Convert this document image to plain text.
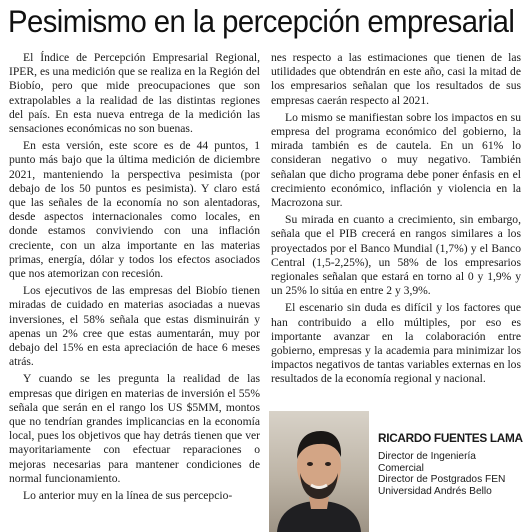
Pesimismo en la percepción empresarial

El Índice de Percepción Empresarial Regional, IPER, es una medición que se realiza en la Región del Biobío, pero que mide preocupaciones que son extrapolables a la realidad de las distintas regiones del país. En esta nueva entrega de la medición las sensaciones económicas no son buenas.

En esta versión, este score es de 44 puntos, 1 punto más bajo que la última medición de diciembre 2021, manteniendo la perspectiva pesimista (por debajo de los 50 puntos es pesimista). Y claro está que las señales de la economía no son alentadoras, desde aspectos internacionales como locales, en donde estamos conviviendo con una inflación creciente, con un alza importante en las materias primas, energía, dólar y todos los efectos asociados que nos atemorizan con recesión.

Los ejecutivos de las empresas del Biobío tienen miradas de cuidado en materias asociadas a nuevas inversiones, el 58% señala que estas disminuirán y apenas un 2% cree que estas aumentarán, muy por debajo del 15% en esta apreciación de hace 6 meses atrás.

Y cuando se les pregunta la realidad de las empresas que dirigen en materias de inversión el 55% señala que serán en el rango los US $5MM, montos que no tendrían grandes implicancias en la economía local, pues los objetivos que hay detrás tienen que ver mayoritariamente con efectuar reparaciones o mejoras necesarias para mantener condiciones de normal funcionamiento.

Lo anterior muy en la línea de sus percepcio-

nes respecto a las estimaciones que tienen de las utilidades que obtendrán en este año, casi la mitad de los empresarios señalan que los resultados de sus empresas caerán respecto al 2021.

Lo mismo se manifiestan sobre los impactos en su empresa del programa económico del gobierno, la mirada también es de cautela. En un 61% lo consideran negativo o muy negativo. También señalan que dicho programa debe poner énfasis en el crecimiento económico, inflación y violencia en la Macrozona sur.

Su mirada en cuanto a crecimiento, sin embargo, señala que el PIB crecerá en rangos similares a los proyectados por el Banco Mundial (1,7%) y el Banco Central (1,5-2,25%), un 58% de los empresarios regionales señalan que estará en torno al 0 y 1,9% y un 25% lo sitúa en entre 2 y 3,9%.

El escenario sin duda es difícil y los factores que han contribuido a ello múltiples, por eso es importante avanzar en la colaboración entre gobierno, empresas y la academia para minimizar los impactos negativos de tantas variables externas en los resultados de la economía regional y nacional.

RICARDO FUENTES LAMA

Director de Ingeniería

Comercial

Director de Postgrados FEN

Universidad Andrés Bello
